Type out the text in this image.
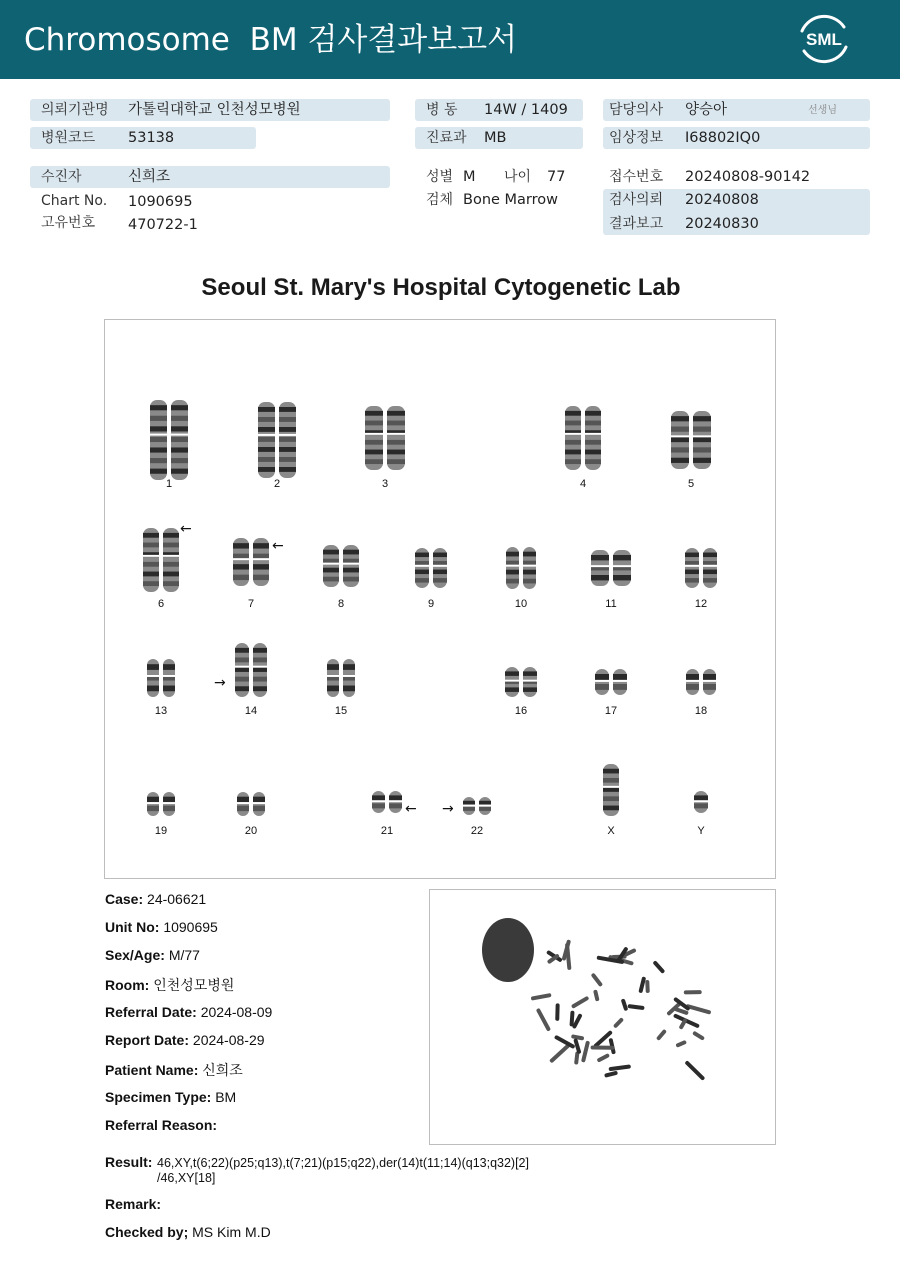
Chromosome  BM 검사결과보고서	SML
의뢰기관명 가톨릭대학교 인천성모병원
병원코드 53138
병 동 14W / 1409
진료과 MB
담당의사 양승아	선생님
임상정보 I68802IQ0
수진자	신희조
Chart No. 1090695
고유번호 470722-1
성별 M 나이 77
검체 Bone Marrow
접수번호 20240808-90142
검사의뢰 20240808
결과보고 20240830
Seoul St. Mary's Hospital Cytogenetic Lab
1	2	3	4	5
6	7	8	9	10	11	12
13	14	15	16	17	18
19	20	21	22	X	Y
←
←
→
← →
Case: 24-06621
Unit No: 1090695
Sex/Age: M/77
Room: 인천성모병원
Referral Date: 2024-08-09
Report Date: 2024-08-29
Patient Name: 신희조
Specimen Type: BM
Referral Reason:
Result: 46,XY,t(6;22)(p25;q13),t(7;21)(p15;q22),der(14)t(11;14)(q13;q32)[2]
/46,XY[18]
Remark:
Checked by; MS Kim M.D
